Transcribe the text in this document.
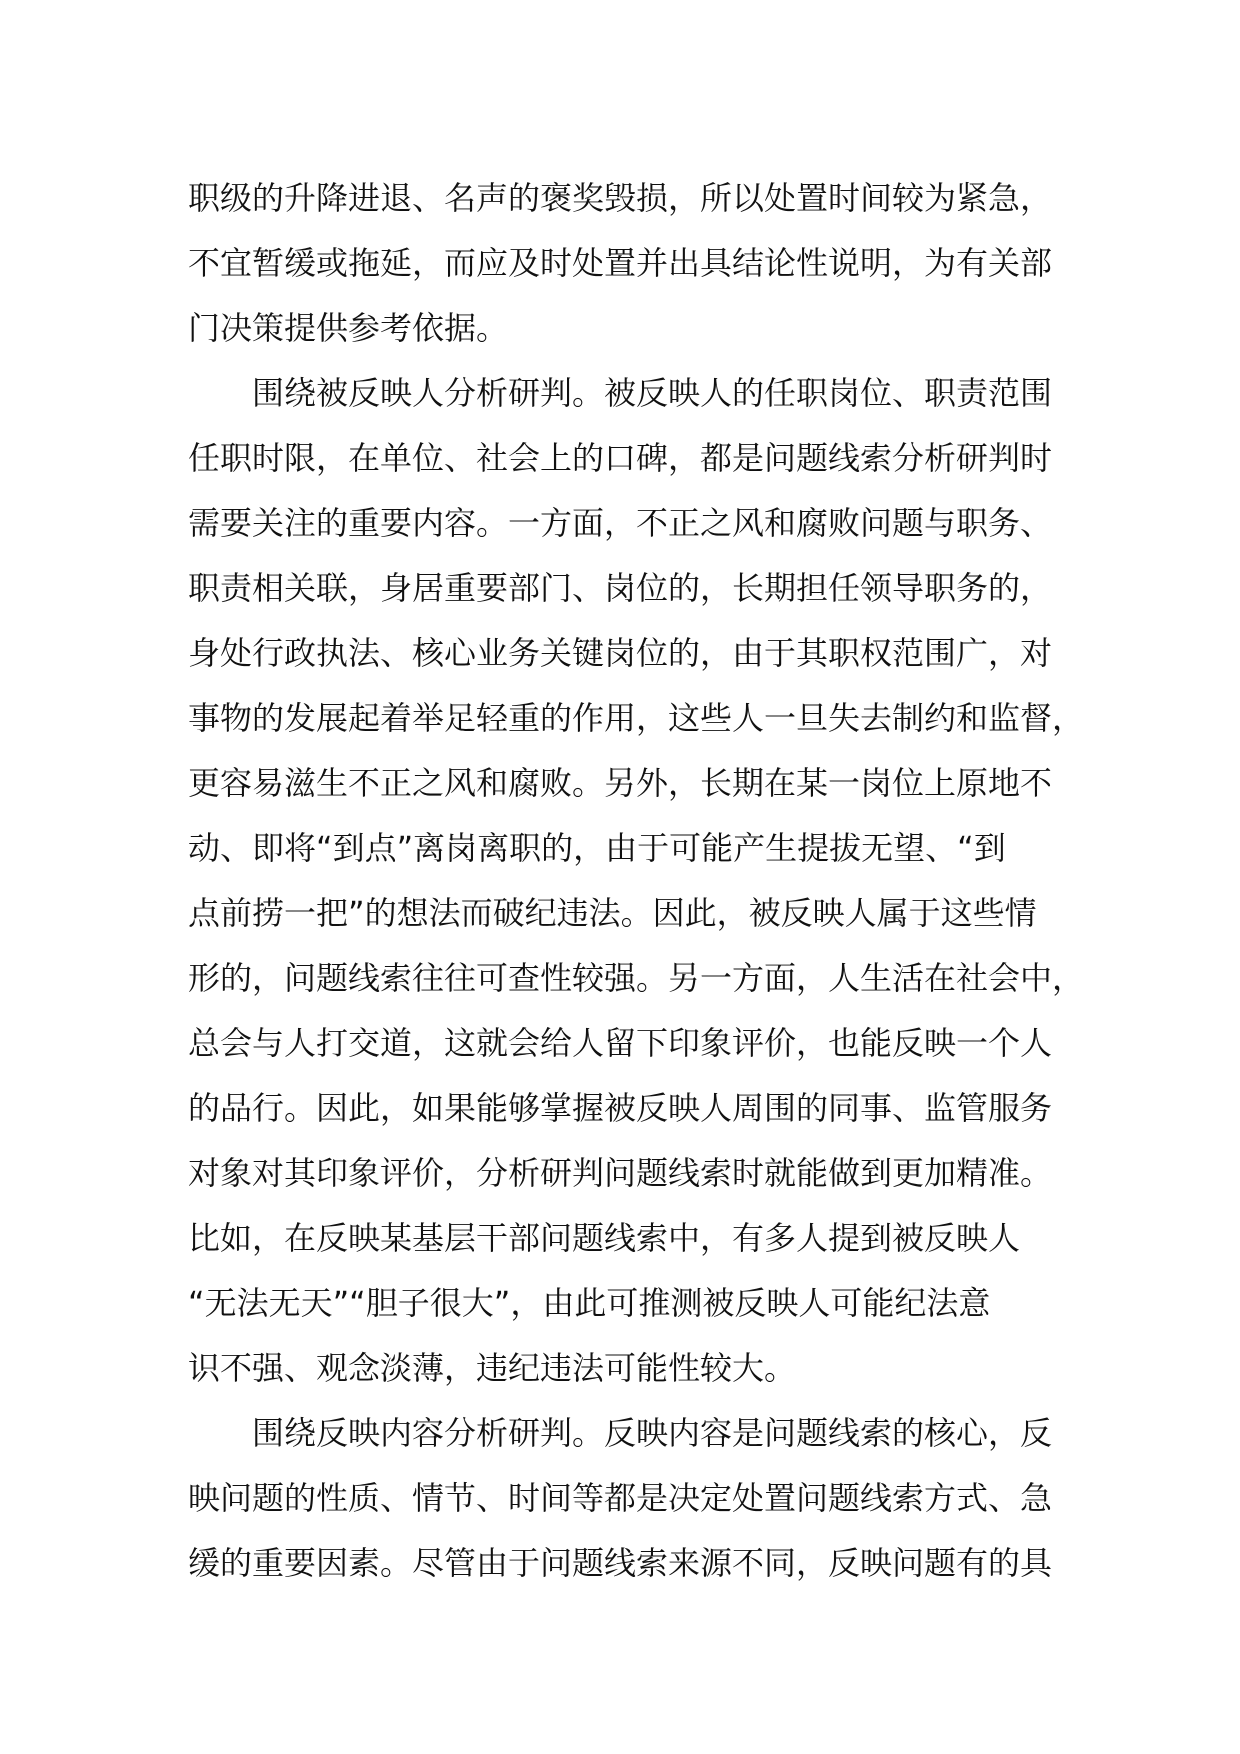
职级的升降进退、名声的褒奖毁损，所以处置时间较为紧急，
不宜暂缓或拖延，而应及时处置并出具结论性说明，为有关部
门决策提供参考依据。
　　围绕被反映人分析研判。被反映人的任职岗位、职责范围
任职时限，在单位、社会上的口碑，都是问题线索分析研判时
需要关注的重要内容。一方面，不正之风和腐败问题与职务、
职责相关联，身居重要部门、岗位的，长期担任领导职务的，
身处行政执法、核心业务关键岗位的，由于其职权范围广，对
事物的发展起着举足轻重的作用，这些人一旦失去制约和监督，
更容易滋生不正之风和腐败。另外，长期在某一岗位上原地不
动、即将“到点”离岗离职的，由于可能产生提拔无望、“到
点前捞一把”的想法而破纪违法。因此，被反映人属于这些情
形的，问题线索往往可查性较强。另一方面，人生活在社会中，
总会与人打交道，这就会给人留下印象评价，也能反映一个人
的品行。因此，如果能够掌握被反映人周围的同事、监管服务
对象对其印象评价，分析研判问题线索时就能做到更加精准。
比如，在反映某基层干部问题线索中，有多人提到被反映人
“无法无天”“胆子很大”，由此可推测被反映人可能纪法意
识不强、观念淡薄，违纪违法可能性较大。
　　围绕反映内容分析研判。反映内容是问题线索的核心，反
映问题的性质、情节、时间等都是决定处置问题线索方式、急
缓的重要因素。尽管由于问题线索来源不同，反映问题有的具
